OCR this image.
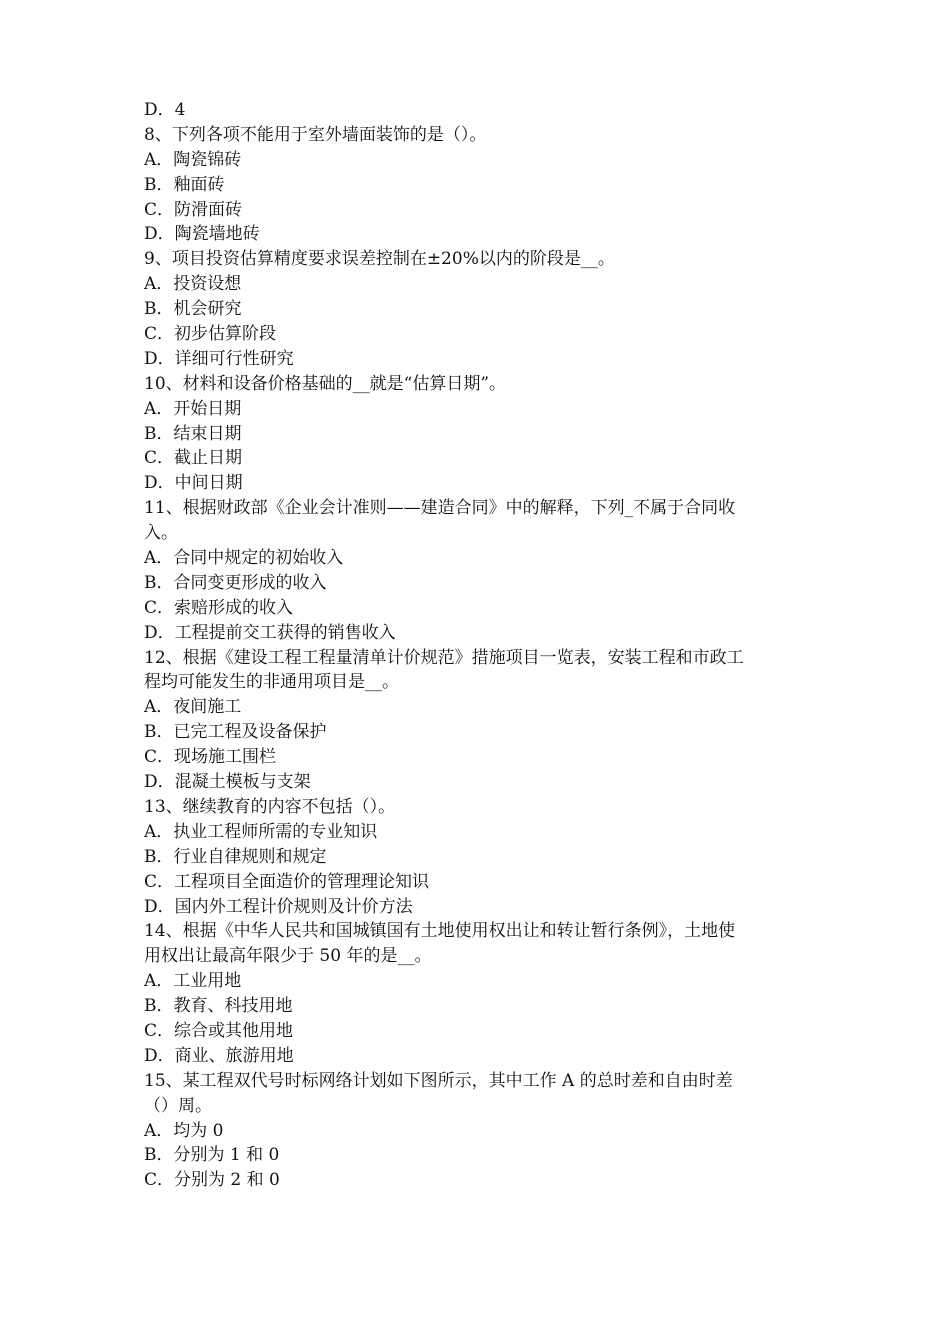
D．4
8、下列各项不能用于室外墙面装饰的是（）。
A．陶瓷锦砖
B．釉面砖
C．防滑面砖
D．陶瓷墙地砖
9、项目投资估算精度要求误差控制在±20%以内的阶段是__。
A．投资设想
B．机会研究
C．初步估算阶段
D．详细可行性研究
10、材料和设备价格基础的__就是“估算日期”。
A．开始日期
B．结束日期
C．截止日期
D．中间日期
11、根据财政部《企业会计准则——建造合同》中的解释，下列_不属于合同收
入。
A．合同中规定的初始收入
B．合同变更形成的收入
C．索赔形成的收入
D．工程提前交工获得的销售收入
12、根据《建设工程工程量清单计价规范》措施项目一览表，安装工程和市政工
程均可能发生的非通用项目是__。
A．夜间施工
B．已完工程及设备保护
C．现场施工围栏
D．混凝土模板与支架
13、继续教育的内容不包括（）。
A．执业工程师所需的专业知识
B．行业自律规则和规定
C．工程项目全面造价的管理理论知识
D．国内外工程计价规则及计价方法
14、根据《中华人民共和国城镇国有土地使用权出让和转让暂行条例》，土地使
用权出让最高年限少于 50 年的是__。
A．工业用地
B．教育、科技用地
C．综合或其他用地
D．商业、旅游用地
15、某工程双代号时标网络计划如下图所示，其中工作 A 的总时差和自由时差
（）周。
A．均为 0
B．分别为 1 和 0
C．分别为 2 和 0
